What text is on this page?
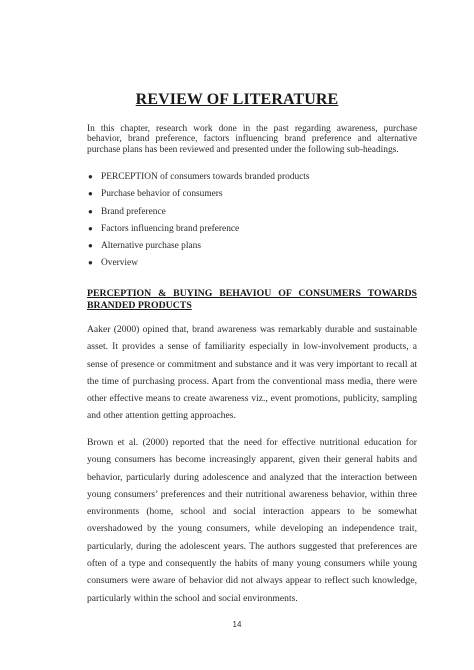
REVIEW OF LITERATURE

In this chapter, research work done in the past regarding awareness, purchase
behavior, brand preference, factors influencing brand preference and alternative
purchase plans has been reviewed and presented under the following sub-headings.

● PERCEPTION of consumers towards branded products
● Purchase behavior of consumers
● Brand preference
● Factors influencing brand preference
● Alternative purchase plans
● Overview
PERCEPTION & BUYING BEHAVIOU OF CONSUMERS TOWARDS
BRANDED PRODUCTS

Aaker (2000) opined that, brand awareness was remarkably durable and sustainable
asset. It provides a sense of familiarity especially in low-involvement products, a
sense of presence or commitment and substance and it was very important to recall at
the time of purchasing process. Apart from the conventional mass media, there were
other effective means to create awareness viz., event promotions, publicity, sampling
and other attention getting approaches.

Brown et al. (2000) reported that the need for effective nutritional education for
young consumers has become increasingly apparent, given their general habits and
behavior, particularly during adolescence and analyzed that the interaction between
young consumers’ preferences and their nutritional awareness behavior, within three
environments (home, school and social interaction appears to be somewhat
overshadowed by the young consumers, while developing an independence trait,
particularly, during the adolescent years. The authors suggested that preferences are
often of a type and consequently the habits of many young consumers while young
consumers were aware of behavior did not always appear to reflect such knowledge,
particularly within the school and social environments.

14
